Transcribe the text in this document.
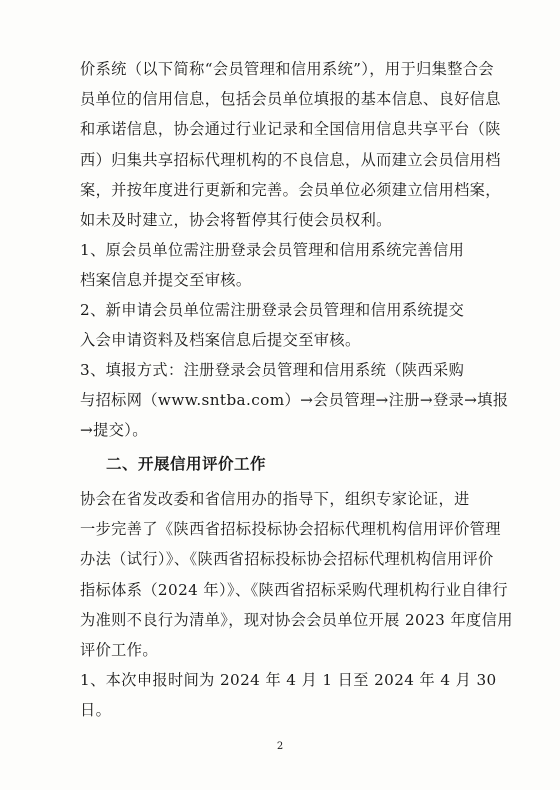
价系统（以下简称“会员管理和信用系统”），用于归集整合会
员单位的信用信息，包括会员单位填报的基本信息、良好信息
和承诺信息，协会通过行业记录和全国信用信息共享平台（陕
西）归集共享招标代理机构的不良信息，从而建立会员信用档
案，并按年度进行更新和完善。会员单位必须建立信用档案，
如未及时建立，协会将暂停其行使会员权利。
1、原会员单位需注册登录会员管理和信用系统完善信用
档案信息并提交至审核。
2、新申请会员单位需注册登录会员管理和信用系统提交
入会申请资料及档案信息后提交至审核。
3、填报方式：注册登录会员管理和信用系统（陕西采购
与招标网（www.sntba.com）→会员管理→注册→登录→填报
→提交）。
二、开展信用评价工作
协会在省发改委和省信用办的指导下，组织专家论证，进
一步完善了《陕西省招标投标协会招标代理机构信用评价管理
办法（试行）》、《陕西省招标投标协会招标代理机构信用评价
指标体系（2024 年）》、《陕西省招标采购代理机构行业自律行
为准则不良行为清单》，现对协会会员单位开展 2023 年度信用
评价工作。
1、本次申报时间为 2024 年 4 月 1 日至 2024 年 4 月 30
日。
2
